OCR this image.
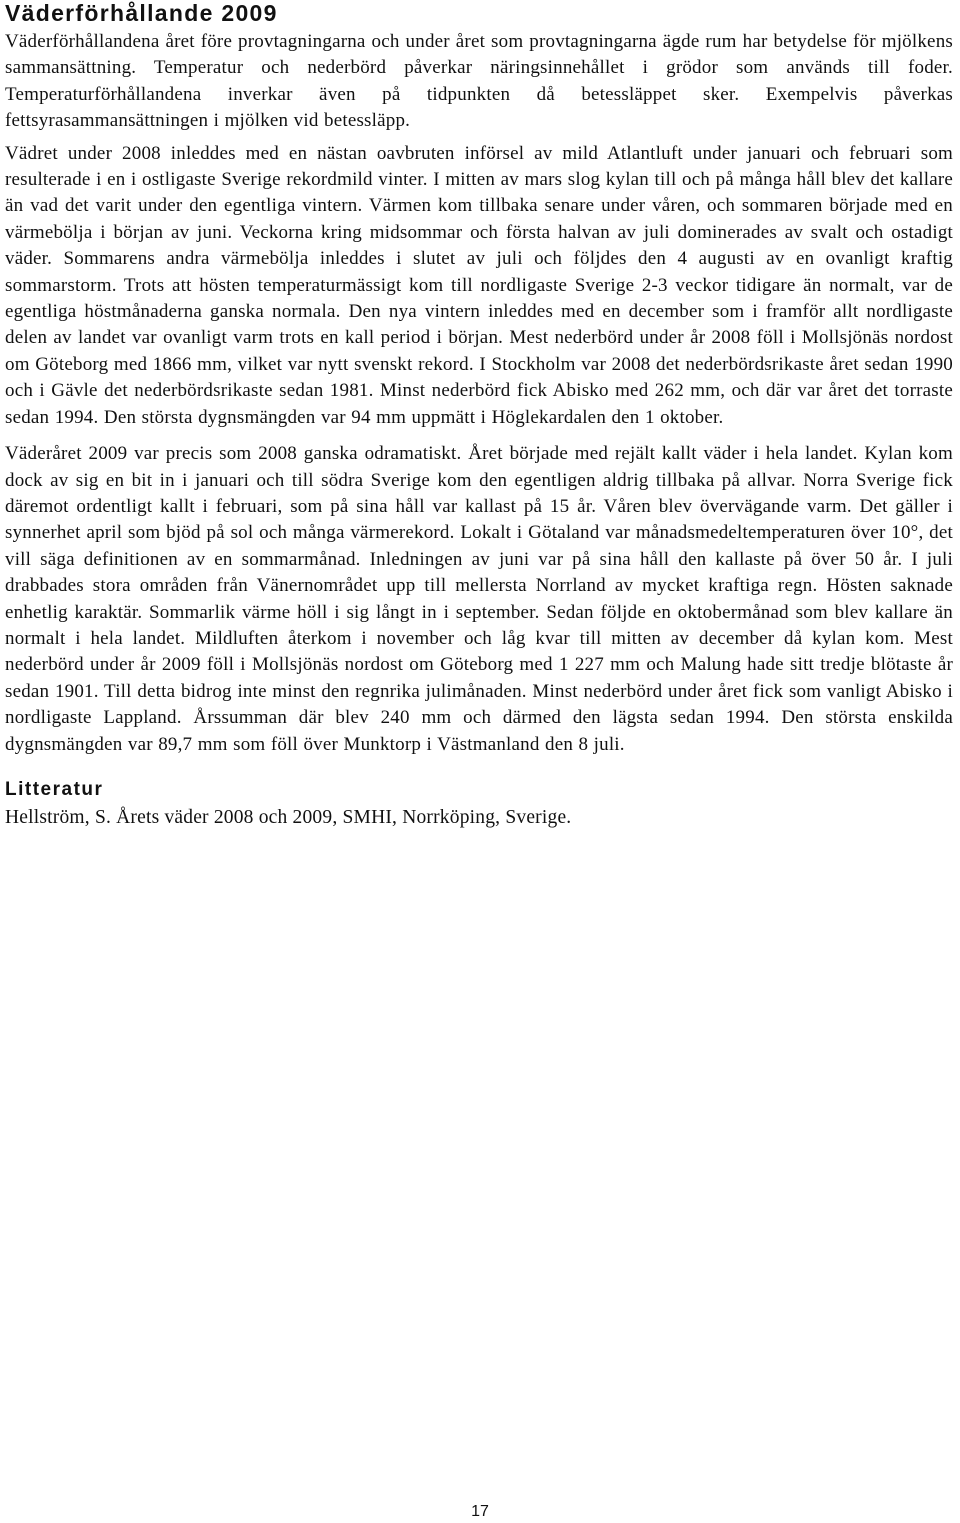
Väderförhållande 2009

Väderförhållandena året före provtagningarna och under året som provtagningarna ägde rum har betydelse för mjölkens sammansättning. Temperatur och nederbörd påverkar näringsinnehållet i grödor som används till foder. Temperaturförhållandena inverkar även på tidpunkten då betessläppet sker. Exempelvis påverkas fettsyrasammansättningen i mjölken vid betessläpp.

Vädret under 2008 inleddes med en nästan oavbruten införsel av mild Atlantluft under januari och februari som resulterade i en i ostligaste Sverige rekordmild vinter. I mitten av mars slog kylan till och på många håll blev det kallare än vad det varit under den egentliga vintern. Värmen kom tillbaka senare under våren, och sommaren började med en värmebölja i början av juni. Veckorna kring midsommar och första halvan av juli dominerades av svalt och ostadigt väder. Sommarens andra värmebölja inleddes i slutet av juli och följdes den 4 augusti av en ovanligt kraftig sommarstorm. Trots att hösten temperaturmässigt kom till nordligaste Sverige 2-3 veckor tidigare än normalt, var de egentliga höstmånaderna ganska normala. Den nya vintern inleddes med en december som i framför allt nordligaste delen av landet var ovanligt varm trots en kall period i början. Mest nederbörd under år 2008 föll i Mollsjönäs nordost om Göteborg med 1866 mm, vilket var nytt svenskt rekord. I Stockholm var 2008 det nederbördsrikaste året sedan 1990 och i Gävle det nederbördsrikaste sedan 1981. Minst nederbörd fick Abisko med 262 mm, och där var året det torraste sedan 1994. Den största dygnsmängden var 94 mm uppmätt i Höglekardalen den 1 oktober.

Väderåret 2009 var precis som 2008 ganska odramatiskt. Året började med rejält kallt väder i hela landet. Kylan kom dock av sig en bit in i januari och till södra Sverige kom den egentligen aldrig tillbaka på allvar. Norra Sverige fick däremot ordentligt kallt i februari, som på sina håll var kallast på 15 år. Våren blev övervägande varm. Det gäller i synnerhet april som bjöd på sol och många värmerekord. Lokalt i Götaland var månadsmedeltemperaturen över 10°, det vill säga definitionen av en sommarmånad. Inledningen av juni var på sina håll den kallaste på över 50 år. I juli drabbades stora områden från Vänernområdet upp till mellersta Norrland av mycket kraftiga regn. Hösten saknade enhetlig karaktär. Sommarlik värme höll i sig långt in i september. Sedan följde en oktobermånad som blev kallare än normalt i hela landet. Mildluften återkom i november och låg kvar till mitten av december då kylan kom. Mest nederbörd under år 2009 föll i Mollsjönäs nordost om Göteborg med 1 227 mm och Malung hade sitt tredje blötaste år sedan 1901. Till detta bidrog inte minst den regnrika julimånaden. Minst nederbörd under året fick som vanligt Abisko i nordligaste Lappland. Årssumman där blev 240 mm och därmed den lägsta sedan 1994. Den största enskilda dygnsmängden var 89,7 mm som föll över Munktorp i Västmanland den 8 juli.

Litteratur

Hellström, S. Årets väder 2008 och 2009, SMHI, Norrköping, Sverige.

17
